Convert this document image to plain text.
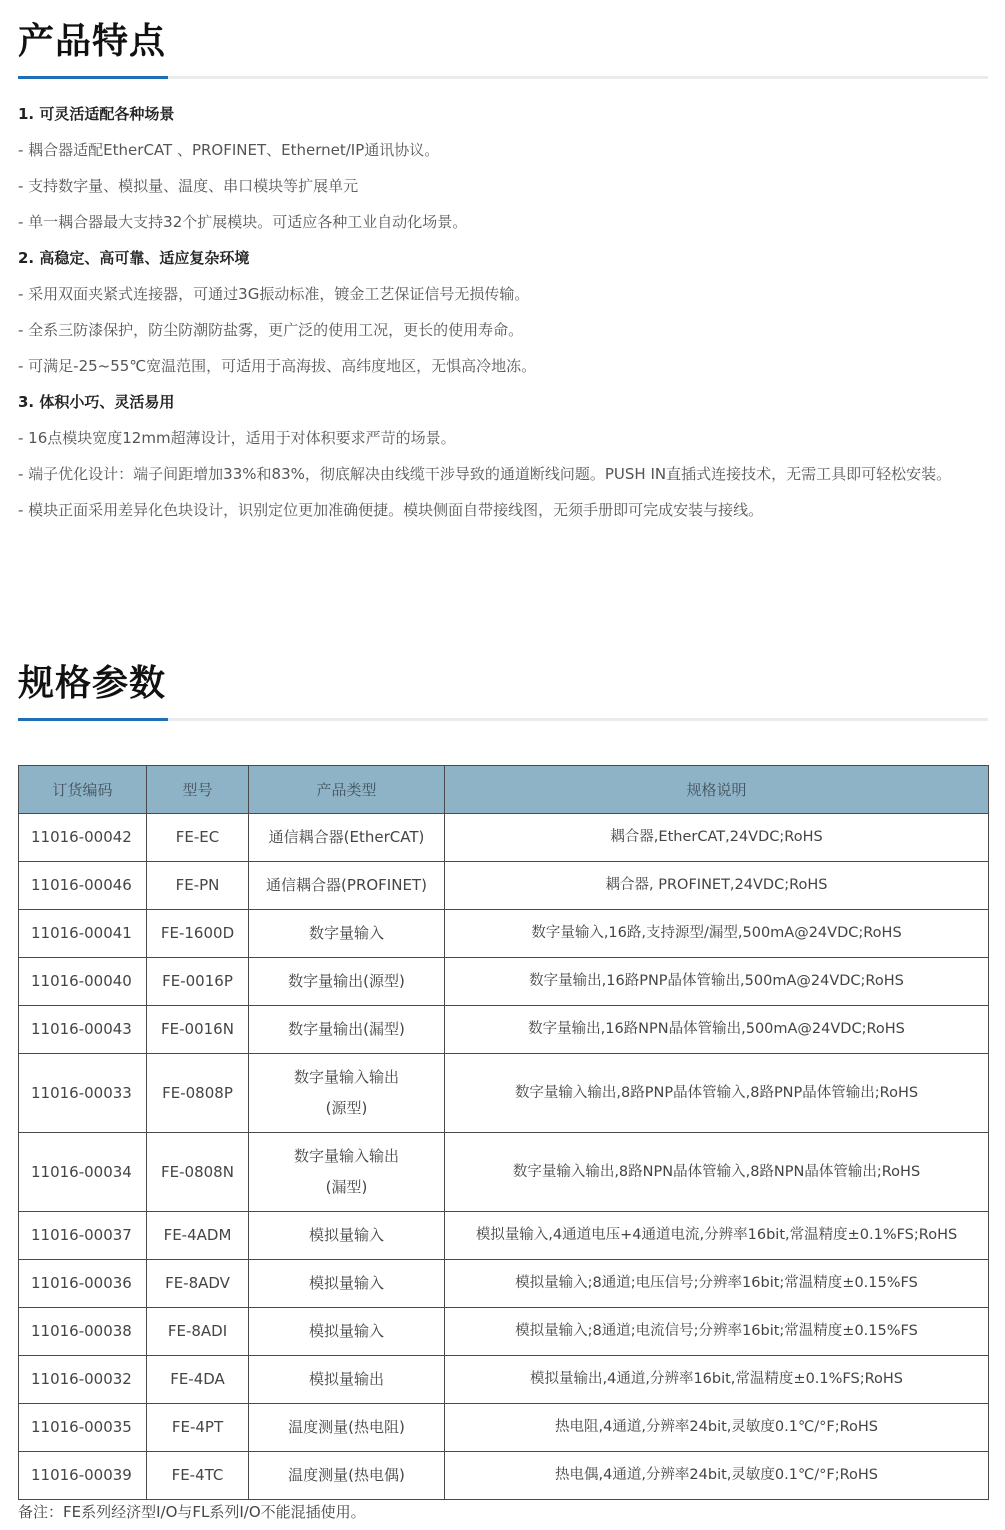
产品特点
1. 可灵活适配各种场景
- 耦合器适配EtherCAT 、PROFINET、Ethernet/IP通讯协议。
- 支持数字量、模拟量、温度、串口模块等扩展单元
- 单一耦合器最大支持32个扩展模块。可适应各种工业自动化场景。
2. 高稳定、高可靠、适应复杂环境
- 采用双面夹紧式连接器，可通过3G振动标准，镀金工艺保证信号无损传输。
- 全系三防漆保护，防尘防潮防盐雾，更广泛的使用工况，更长的使用寿命。
- 可满足-25~55℃宽温范围，可适用于高海拔、高纬度地区，无惧高冷地冻。
3. 体积小巧、灵活易用
- 16点模块宽度12mm超薄设计，适用于对体积要求严苛的场景。
- 端子优化设计：端子间距增加33%和83%，彻底解决由线缆干涉导致的通道断线问题。PUSH IN直插式连接技术，无需工具即可轻松安装。
- 模块正面采用差异化色块设计，识别定位更加准确便捷。模块侧面自带接线图，无须手册即可完成安装与接线。
规格参数
订货编码	型号	产品类型	规格说明
11016-00042	FE-EC	通信耦合器(EtherCAT)	耦合器,EtherCAT,24VDC;RoHS
11016-00046	FE-PN	通信耦合器(PROFINET)	耦合器, PROFINET,24VDC;RoHS
11016-00041	FE-1600D	数字量输入	数字量输入,16路,支持源型/漏型,500mA@24VDC;RoHS
11016-00040	FE-0016P	数字量输出(源型)	数字量输出,16路PNP晶体管输出,500mA@24VDC;RoHS
11016-00043	FE-0016N	数字量输出(漏型)	数字量输出,16路NPN晶体管输出,500mA@24VDC;RoHS
11016-00033	FE-0808P	数字量输入输出
(源型)	数字量输入输出,8路PNP晶体管输入,8路PNP晶体管输出;RoHS
11016-00034	FE-0808N	数字量输入输出
(漏型)	数字量输入输出,8路NPN晶体管输入,8路NPN晶体管输出;RoHS
11016-00037	FE-4ADM	模拟量输入	模拟量输入,4通道电压+4通道电流,分辨率16bit,常温精度±0.1%FS;RoHS
11016-00036	FE-8ADV	模拟量输入	模拟量输入;8通道;电压信号;分辨率16bit;常温精度±0.15%FS
11016-00038	FE-8ADI	模拟量输入	模拟量输入;8通道;电流信号;分辨率16bit;常温精度±0.15%FS
11016-00032	FE-4DA	模拟量输出	模拟量输出,4通道,分辨率16bit,常温精度±0.1%FS;RoHS
11016-00035	FE-4PT	温度测量(热电阻)	热电阻,4通道,分辨率24bit,灵敏度0.1℃/°F;RoHS
11016-00039	FE-4TC	温度测量(热电偶)	热电偶,4通道,分辨率24bit,灵敏度0.1℃/°F;RoHS
备注：FE系列经济型I/O与FL系列I/O不能混插使用。
